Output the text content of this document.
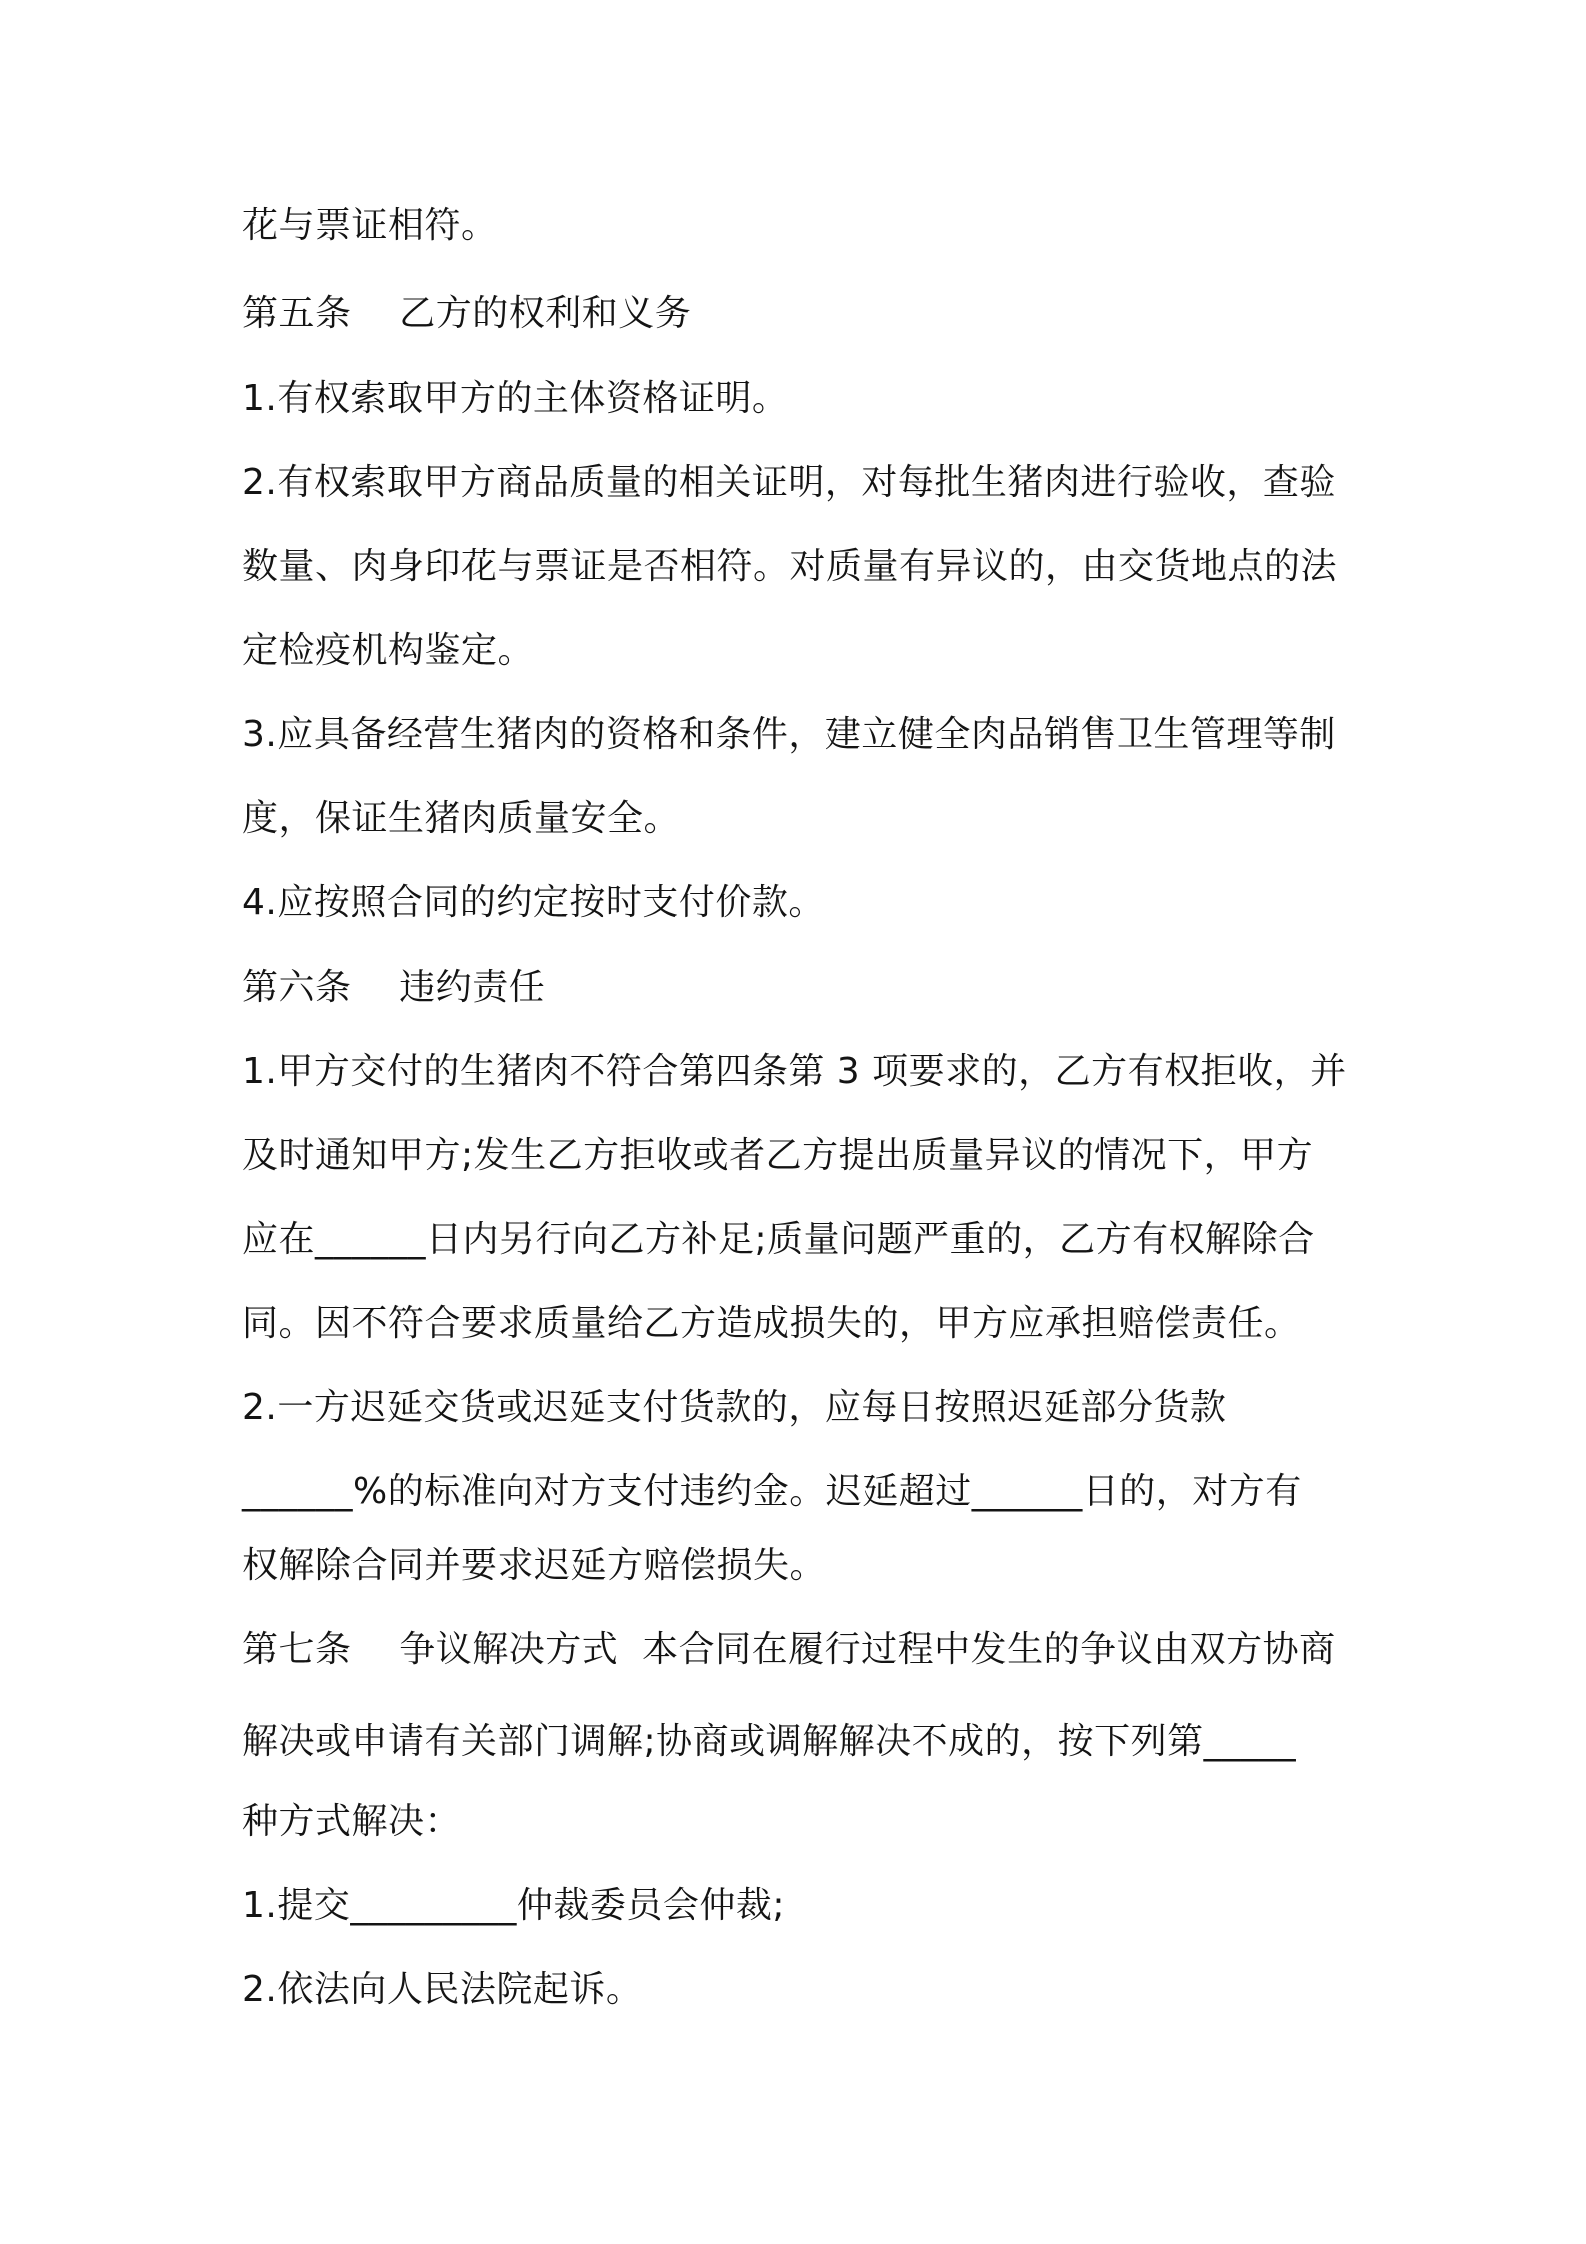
花与票证相符。

第五条    乙方的权利和义务

1.有权索取甲方的主体资格证明。

2.有权索取甲方商品质量的相关证明，对每批生猪肉进行验收，查验

数量、肉身印花与票证是否相符。对质量有异议的，由交货地点的法

定检疫机构鉴定。

3.应具备经营生猪肉的资格和条件，建立健全肉品销售卫生管理等制

度，保证生猪肉质量安全。

4.应按照合同的约定按时支付价款。

第六条    违约责任

1.甲方交付的生猪肉不符合第四条第 3 项要求的，乙方有权拒收，并

及时通知甲方;发生乙方拒收或者乙方提出质量异议的情况下，甲方

应在______日内另行向乙方补足;质量问题严重的，乙方有权解除合

同。因不符合要求质量给乙方造成损失的，甲方应承担赔偿责任。

2.一方迟延交货或迟延支付货款的，应每日按照迟延部分货款

______%的标准向对方支付违约金。迟延超过______日的，对方有

权解除合同并要求迟延方赔偿损失。

第七条    争议解决方式  本合同在履行过程中发生的争议由双方协商

解决或申请有关部门调解;协商或调解解决不成的，按下列第_____

种方式解决：

1.提交_________仲裁委员会仲裁;

2.依法向人民法院起诉。
